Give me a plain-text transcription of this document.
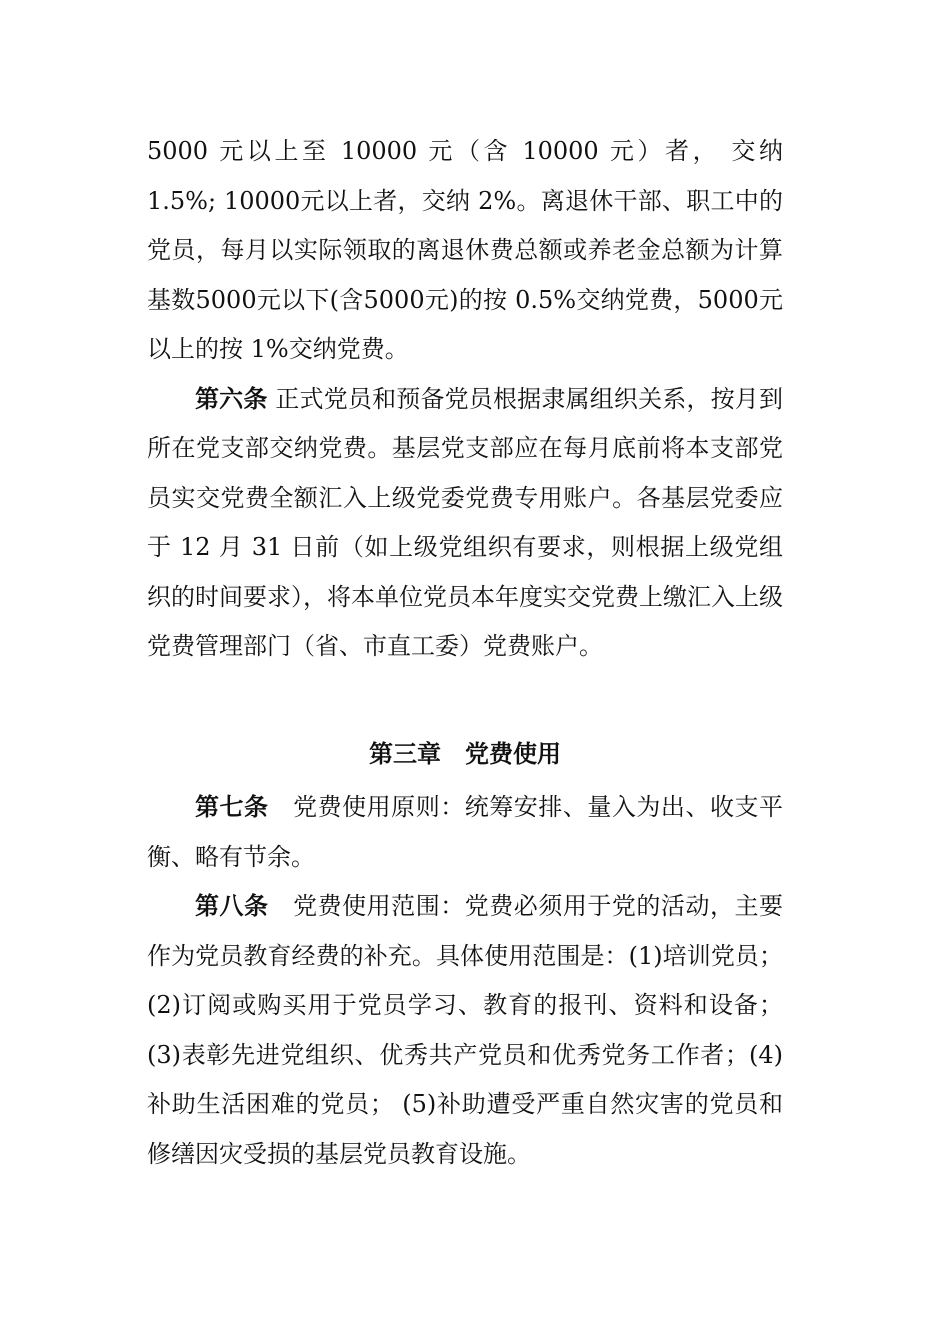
5000 元以上至 10000 元（含 10000 元）者， 交纳 1.5%; 10000元以上者，交纳 2%。离退休干部、职工中的党员，每月以实际领取的离退休费总额或养老金总额为计算基数5000元以下(含5000元)的按 0.5%交纳党费，5000元以上的按 1%交纳党费。

第六条 正式党员和预备党员根据隶属组织关系，按月到所在党支部交纳党费。基层党支部应在每月底前将本支部党员实交党费全额汇入上级党委党费专用账户。各基层党委应于 12 月 31 日前（如上级党组织有要求，则根据上级党组织的时间要求），将本单位党员本年度实交党费上缴汇入上级党费管理部门（省、市直工委）党费账户。

第三章　党费使用

第七条　党费使用原则：统筹安排、量入为出、收支平衡、略有节余。

第八条　党费使用范围：党费必须用于党的活动，主要作为党员教育经费的补充。具体使用范围是：(1)培训党员；(2)订阅或购买用于党员学习、教育的报刊、资料和设备；(3)表彰先进党组织、优秀共产党员和优秀党务工作者；(4)补助生活困难的党员； (5)补助遭受严重自然灾害的党员和修缮因灾受损的基层党员教育设施。
